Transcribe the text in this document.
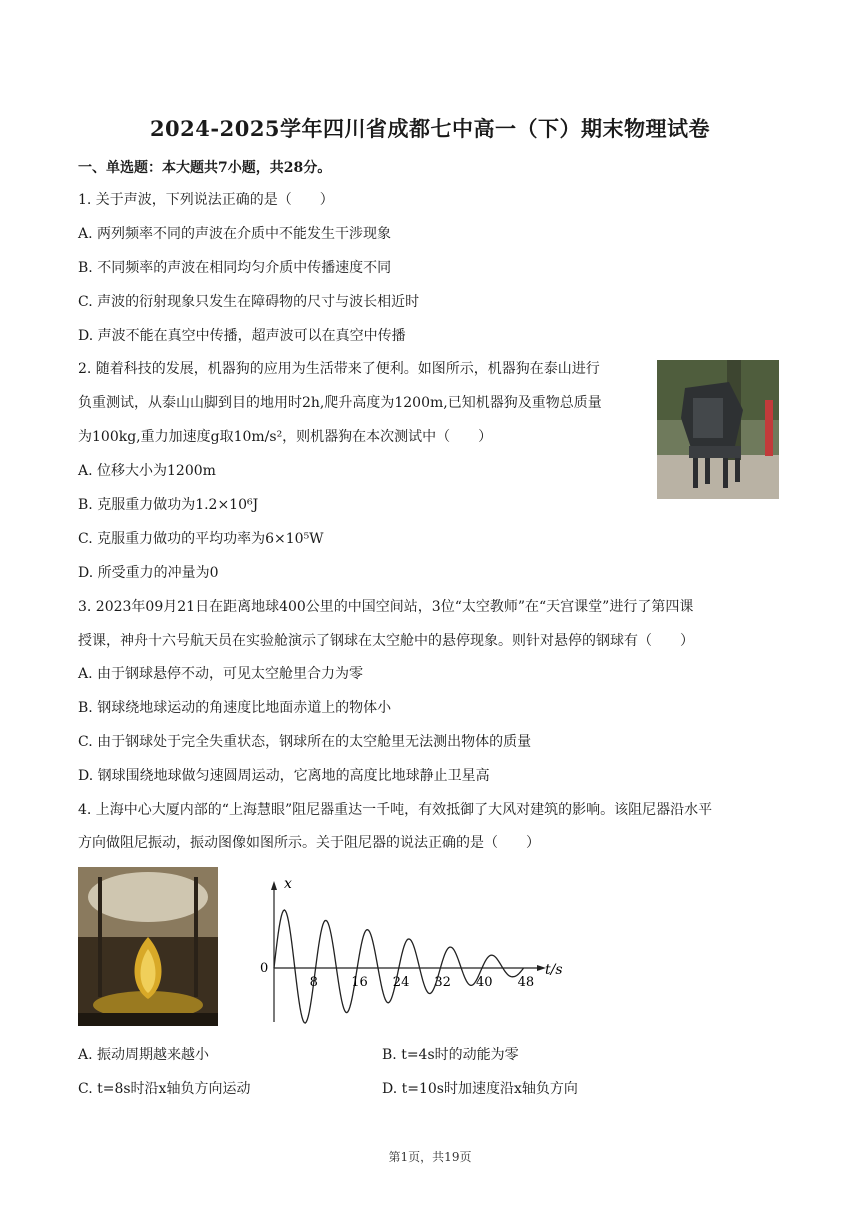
2024-2025学年四川省成都七中高一（下）期末物理试卷
一、单选题：本大题共7小题，共28分。
1. 关于声波，下列说法正确的是（　　）
A. 两列频率不同的声波在介质中不能发生干涉现象
B. 不同频率的声波在相同均匀介质中传播速度不同
C. 声波的衍射现象只发生在障碍物的尺寸与波长相近时
D. 声波不能在真空中传播，超声波可以在真空中传播
2. 随着科技的发展，机器狗的应用为生活带来了便利。如图所示，机器狗在泰山进行
负重测试，从泰山山脚到目的地用时2h,爬升高度为1200m,已知机器狗及重物总质量
为100kg,重力加速度g取10m/s²，则机器狗在本次测试中（　　）
A. 位移大小为1200m
B. 克服重力做功为1.2×10⁶J
C. 克服重力做功的平均功率为6×10⁵W
D. 所受重力的冲量为0
3. 2023年09月21日在距离地球400公里的中国空间站，3位“太空教师”在“天宫课堂”进行了第四课
授课，神舟十六号航天员在实验舱演示了钢球在太空舱中的悬停现象。则针对悬停的钢球有（　　）
A. 由于钢球悬停不动，可见太空舱里合力为零
B. 钢球绕地球运动的角速度比地面赤道上的物体小
C. 由于钢球处于完全失重状态，钢球所在的太空舱里无法测出物体的质量
D. 钢球围绕地球做匀速圆周运动，它离地的高度比地球静止卫星高
4. 上海中心大厦内部的“上海慧眼”阻尼器重达一千吨，有效抵御了大风对建筑的影响。该阻尼器沿水平
方向做阻尼振动，振动图像如图所示。关于阻尼器的说法正确的是（　　）
x
t/s
0
8	16 24 32 40 48
A. 振动周期越来越小	B. t=4s时的动能为零
C. t=8s时沿x轴负方向运动	D. t=10s时加速度沿x轴负方向
第1页，共19页
